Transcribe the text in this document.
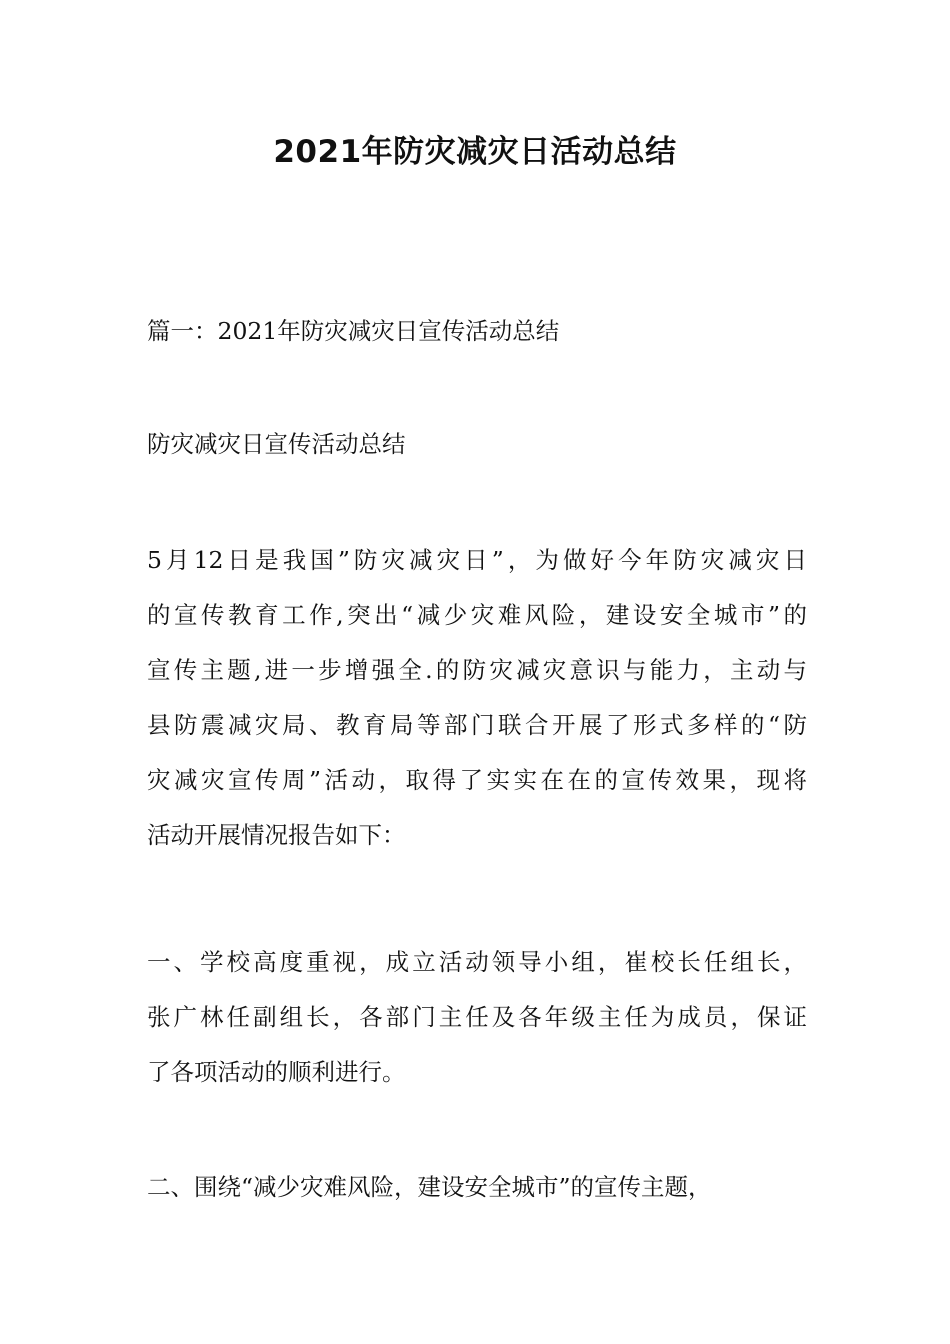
2021年防灾减灾日活动总结

篇一：2021年防灾减灾日宣传活动总结

防灾减灾日宣传活动总结

5月12日是我国”防灾减灾日”，为做好今年防灾减灾日
的宣传教育工作,突出“减少灾难风险，建设安全城市”的
宣传主题,进一步增强全.的防灾减灾意识与能力，主动与
县防震减灾局、教育局等部门联合开展了形式多样的“防
灾减灾宣传周”活动，取得了实实在在的宣传效果，现将
活动开展情况报告如下：
一、学校高度重视，成立活动领导小组，崔校长任组长，
张广林任副组长，各部门主任及各年级主任为成员，保证
了各项活动的顺利进行。
二、围绕“减少灾难风险，建设安全城市”的宣传主题，
